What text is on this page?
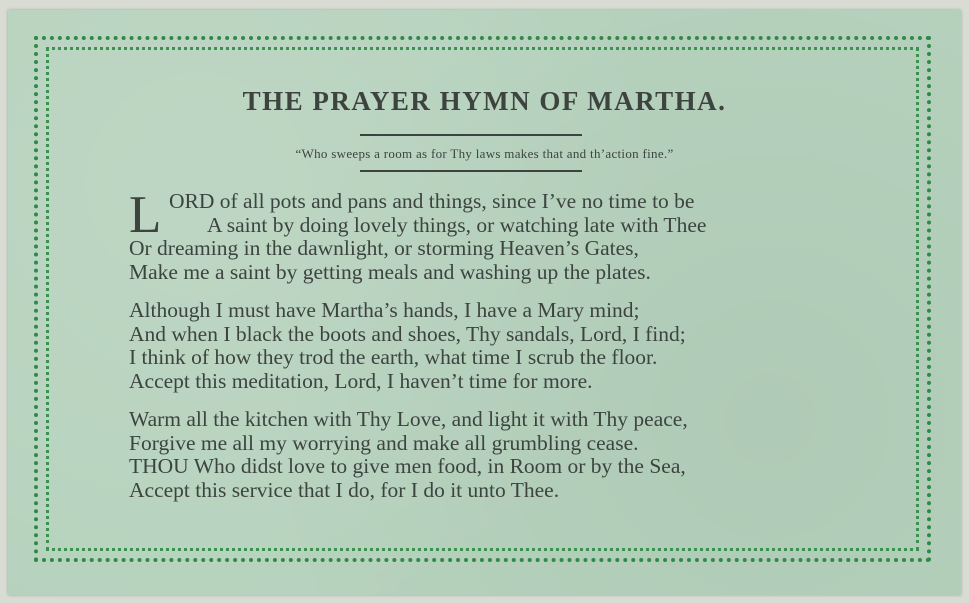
THE PRAYER HYMN OF MARTHA.
“Who sweeps a room as for Thy laws makes that and th’action fine.”
L ORD of all pots and pans and things, since I’ve no time to be
A saint by doing lovely things, or watching late with Thee
Or dreaming in the dawnlight, or storming Heaven’s Gates,
Make me a saint by getting meals and washing up the plates.
Although I must have Martha’s hands, I have a Mary mind;
And when I black the boots and shoes, Thy sandals, Lord, I find;
I think of how they trod the earth, what time I scrub the floor.
Accept this meditation, Lord, I haven’t time for more.
Warm all the kitchen with Thy Love, and light it with Thy peace,
Forgive me all my worrying and make all grumbling cease.
THOU Who didst love to give men food, in Room or by the Sea,
Accept this service that I do, for I do it unto Thee.
